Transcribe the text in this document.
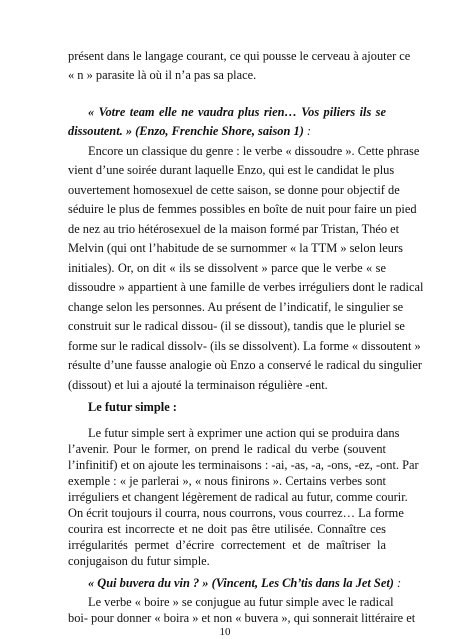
présent dans le langage courant, ce qui pousse le cerveau à ajouter ce
« n » parasite là où il n’a pas sa place.
« Votre team elle ne vaudra plus rien… Vos piliers ils se
dissoutent. » (Enzo, Frenchie Shore, saison 1) :
Encore un classique du genre : le verbe « dissoudre ». Cette phrase
vient d’une soirée durant laquelle Enzo, qui est le candidat le plus
ouvertement homosexuel de cette saison, se donne pour objectif de
séduire le plus de femmes possibles en boîte de nuit pour faire un pied
de nez au trio hétérosexuel de la maison formé par Tristan, Théo et
Melvin (qui ont l’habitude de se surnommer « la TTM » selon leurs
initiales). Or, on dit « ils se dissolvent » parce que le verbe « se
dissoudre » appartient à une famille de verbes irréguliers dont le radical
change selon les personnes. Au présent de l’indicatif, le singulier se
construit sur le radical dissou- (il se dissout), tandis que le pluriel se
forme sur le radical dissolv- (ils se dissolvent). La forme « dissoutent »
résulte d’une fausse analogie où Enzo a conservé le radical du singulier
(dissout) et lui a ajouté la terminaison régulière -ent.
Le futur simple :
Le futur simple sert à exprimer une action qui se produira dans
l’avenir. Pour le former, on prend le radical du verbe (souvent
l’infinitif) et on ajoute les terminaisons : -ai, -as, -a, -ons, -ez, -ont. Par
exemple : « je parlerai », « nous finirons ». Certains verbes sont
irréguliers et changent légèrement de radical au futur, comme courir.
On écrit toujours il courra, nous courrons, vous courrez… La forme
courira est incorrecte et ne doit pas être utilisée. Connaître ces
irrégularités permet d’écrire correctement et de maîtriser la
conjugaison du futur simple.
« Qui buvera du vin ? » (Vincent, Les Ch’tis dans la Jet Set) :
Le verbe « boire » se conjugue au futur simple avec le radical
boi- pour donner « boira » et non « buvera », qui sonnerait littéraire et
10
